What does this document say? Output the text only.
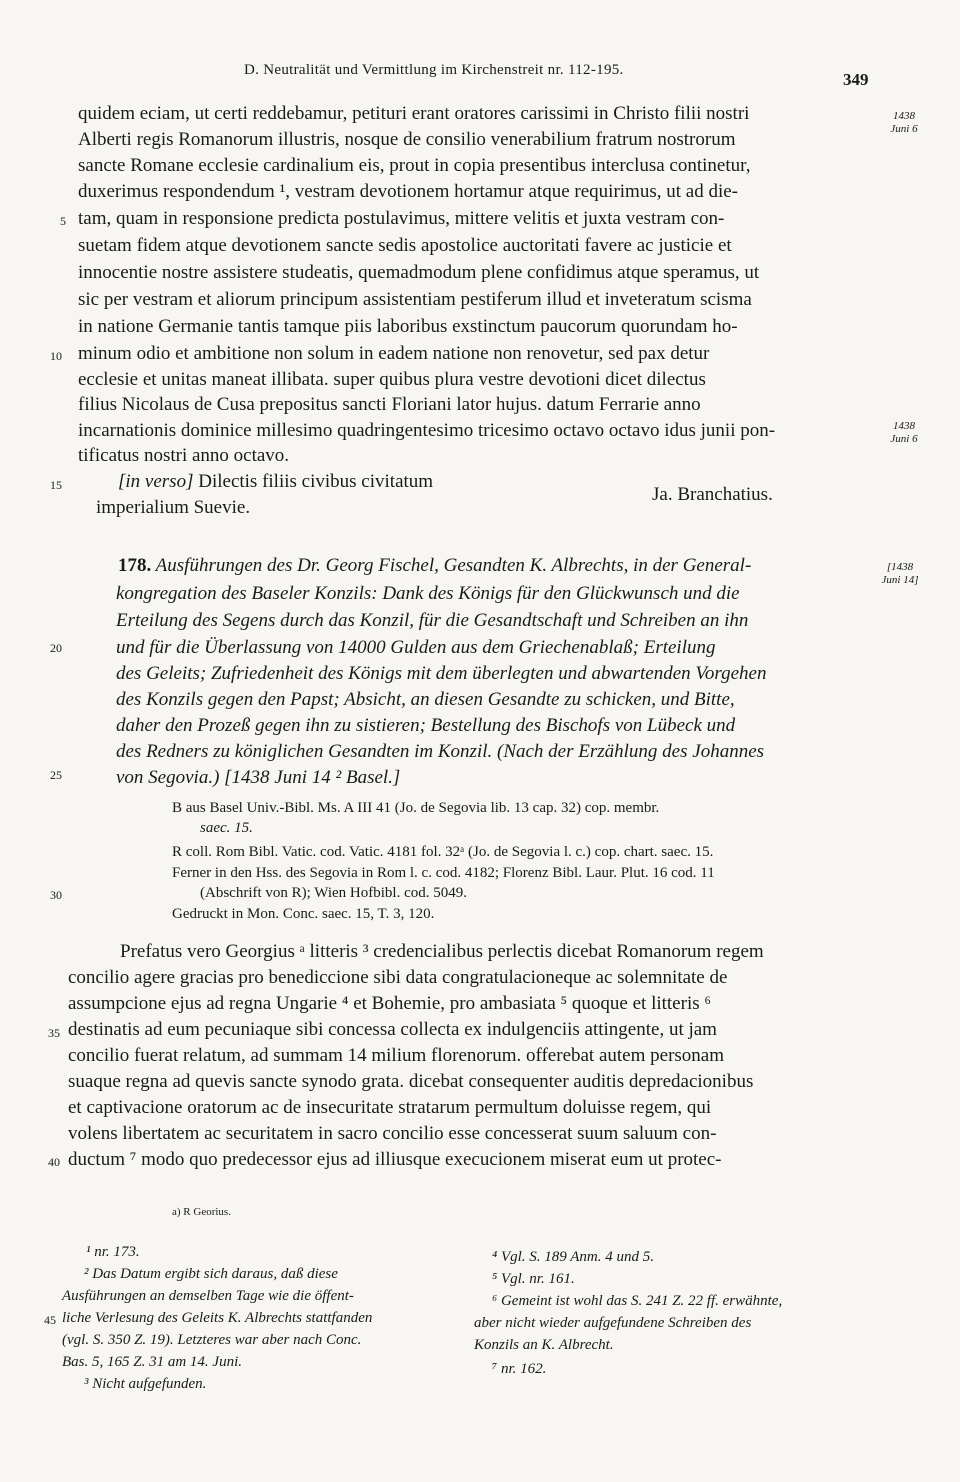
D. Neutralität und Vermittlung im Kirchenstreit nr. 112-195.	349
quidem eciam, ut certi reddebamur, petituri erant oratores carissimi in Christo filii nostri
Alberti regis Romanorum illustris, nosque de consilio venerabilium fratrum nostrorum
sancte Romane ecclesie cardinalium eis, prout in copia presentibus interclusa continetur,
duxerimus respondendum ¹, vestram devotionem hortamur atque requirimus, ut ad die-
tam, quam in responsione predicta postulavimus, mittere velitis et juxta vestram con-
suetam fidem atque devotionem sancte sedis apostolice auctoritati favere ac justicie et
innocentie nostre assistere studeatis, quemadmodum plene confidimus atque speramus, ut
sic per vestram et aliorum principum assistentiam pestiferum illud et inveteratum scisma
in natione Germanie tantis tamque piis laboribus exstinctum paucorum quorundam ho-
minum odio et ambitione non solum in eadem natione non renovetur, sed pax detur
ecclesie et unitas maneat illibata. super quibus plura vestre devotioni dicet dilectus
filius Nicolaus de Cusa prepositus sancti Floriani lator hujus. datum Ferrarie anno
incarnationis dominice millesimo quadringentesimo tricesimo octavo octavo idus junii pon-
tificatus nostri anno octavo.
5
10
1438
Juni 6
1438
Juni 6
15	[in verso] Dilectis filiis civibus civitatum
imperialium Suevie.
Ja. Branchatius.
178. Ausführungen des Dr. Georg Fischel, Gesandten K. Albrechts, in der General-
kongregation des Baseler Konzils: Dank des Königs für den Glückwunsch und die
Erteilung des Segens durch das Konzil, für die Gesandtschaft und Schreiben an ihn
und für die Überlassung von 14000 Gulden aus dem Griechenablaß; Erteilung
des Geleits; Zufriedenheit des Königs mit dem überlegten und abwartenden Vorgehen
des Konzils gegen den Papst; Absicht, an diesen Gesandte zu schicken, und Bitte,
daher den Prozeß gegen ihn zu sistieren; Bestellung des Bischofs von Lübeck und
des Redners zu königlichen Gesandten im Konzil. (Nach der Erzählung des Johannes
von Segovia.) [1438 Juni 14 ² Basel.]
20
25
[1438
Juni 14]
B aus Basel Univ.-Bibl. Ms. A III 41 (Jo. de Segovia lib. 13 cap. 32) cop. membr.
saec. 15.
R coll. Rom Bibl. Vatic. cod. Vatic. 4181 fol. 32ᵃ (Jo. de Segovia l. c.) cop. chart. saec. 15.
Ferner in den Hss. des Segovia in Rom l. c. cod. 4182; Florenz Bibl. Laur. Plut. 16 cod. 11
(Abschrift von R); Wien Hofbibl. cod. 5049.
Gedruckt in Mon. Conc. saec. 15, T. 3, 120.
30
Prefatus vero Georgius ᵃ litteris ³ credencialibus perlectis dicebat Romanorum regem
concilio agere gracias pro benediccione sibi data congratulacioneque ac solemnitate de
assumpcione ejus ad regna Ungarie ⁴ et Bohemie, pro ambasiata ⁵ quoque et litteris ⁶
destinatis ad eum pecuniaque sibi concessa collecta ex indulgenciis attingente, ut jam
concilio fuerat relatum, ad summam 14 milium florenorum. offerebat autem personam
suaque regna ad quevis sancte synodo grata. dicebat consequenter auditis depredacionibus
et captivacione oratorum ac de insecuritate stratarum permultum doluisse regem, qui
volens libertatem ac securitatem in sacro concilio esse concesserat suum saluum con-
ductum ⁷ modo quo predecessor ejus ad illiusque execucionem miserat eum ut protec-
35
40
a) R Georius.
¹ nr. 173.
² Das Datum ergibt sich daraus, daß diese
Ausführungen an demselben Tage wie die öffent-
liche Verlesung des Geleits K. Albrechts stattfanden
(vgl. S. 350 Z. 19). Letzteres war aber nach Conc.
Bas. 5, 165 Z. 31 am 14. Juni.
³ Nicht aufgefunden.
45
⁴ Vgl. S. 189 Anm. 4 und 5.
⁵ Vgl. nr. 161.
⁶ Gemeint ist wohl das S. 241 Z. 22 ff. erwähnte,
aber nicht wieder aufgefundene Schreiben des
Konzils an K. Albrecht.
⁷ nr. 162.
